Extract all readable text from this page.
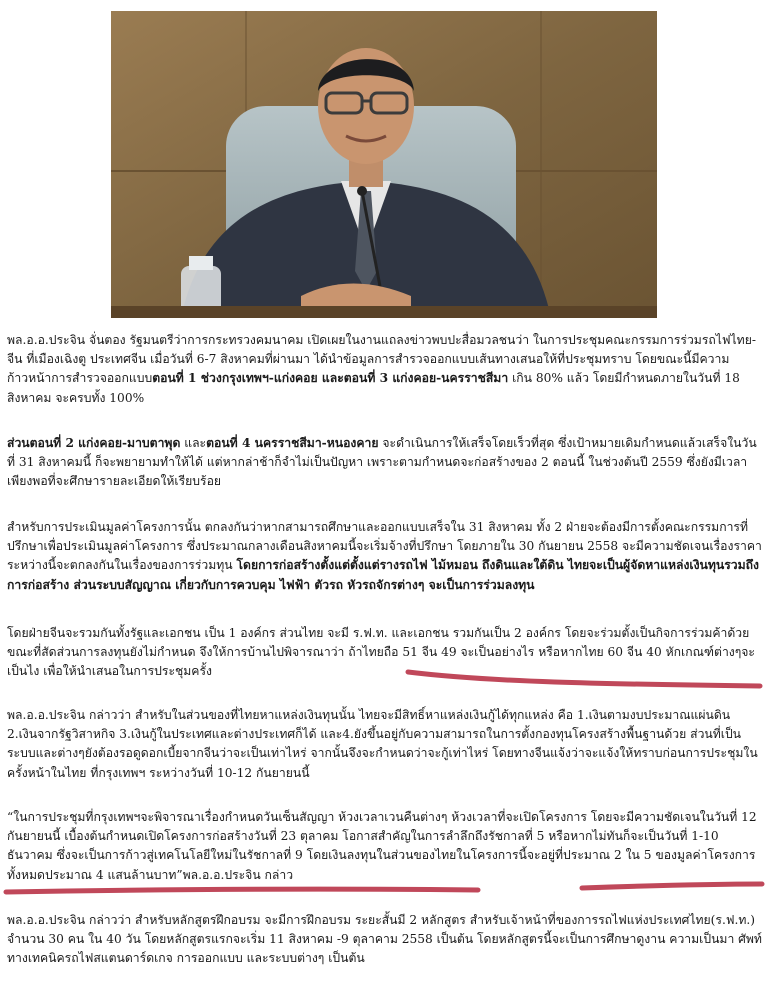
พล.อ.อ.ประจิน จั่นตอง รัฐมนตรีว่าการกระทรวงคมนาคม เปิดเผยในงานแถลงข่าวพบปะสื่อมวลชนว่า ในการประชุมคณะกรรมการร่วมรถไฟไทย-จีน ที่เมืองเฉิงตู ประเทศจีน เมื่อวันที่ 6-7 สิงหาคมที่ผ่านมา ได้นำข้อมูลการสำรวจออกแบบเส้นทางเสนอให้ที่ประชุมทราบ โดยขณะนี้มีความก้าวหน้าการสำรวจออกแบบตอนที่ 1 ช่วงกรุงเทพฯ-แก่งคอย และตอนที่ 3 แก่งคอย-นครราชสีมา เกิน 80% แล้ว โดยมีกำหนดภายในวันที่ 18 สิงหาคม จะครบทั้ง 100%

ส่วนตอนที่ 2 แก่งคอย-มาบตาพุด และตอนที่ 4 นครราชสีมา-หนองคาย จะดำเนินการให้เสร็จโดยเร็วที่สุด ซึ่งเป้าหมายเดิมกำหนดแล้วเสร็จในวันที่ 31 สิงหาคมนี้ ก็จะพยายามทำให้ได้ แต่หากล่าช้าก็จำไม่เป็นปัญหา เพราะตามกำหนดจะก่อสร้างของ 2 ตอนนี้ ในช่วงต้นปี 2559 ซึ่งยังมีเวลาเพียงพอที่จะศึกษารายละเอียดให้เรียบร้อย

สำหรับการประเมินมูลค่าโครงการนั้น ตกลงกันว่าหากสามารถศึกษาและออกแบบเสร็จใน 31 สิงหาคม ทั้ง 2 ฝ่ายจะต้องมีการตั้งคณะกรรมการที่ปรึกษาเพื่อประเมินมูลค่าโครงการ ซึ่งประมาณกลางเดือนสิงหาคมนี้จะเริ่มจ้างที่ปรึกษา โดยภายใน 30 กันยายน 2558 จะมีความชัดเจนเรื่องราคา ระหว่างนี้จะตกลงกันในเรื่องของการร่วมทุน โดยการก่อสร้างตั้งแต่ตั้งแต่รางรถไฟ ไม้หมอน ถึงดินและใต้ดิน ไทยจะเป็นผู้จัดหาแหล่งเงินทุนรวมถึงการก่อสร้าง ส่วนระบบสัญญาณ เกี่ยวกับการควบคุม ไฟฟ้า ตัวรถ หัวรถจักรต่างๆ จะเป็นการร่วมลงทุน

โดยฝ่ายจีนจะรวมกันทั้งรัฐและเอกชน เป็น 1 องค์กร ส่วนไทย จะมี ร.ฟ.ท. และเอกชน รวมกันเป็น 2 องค์กร โดยจะร่วมตั้งเป็นกิจการร่วมค้าด้วย ขณะที่สัดส่วนการลงทุนยังไม่กำหนด จึงให้การบ้านไปพิจารณาว่า ถ้าไทยถือ 51 จีน 49 จะเป็นอย่างไร หรือหากไทย 60 จีน 40 หักเกณฑ์ต่างๆจะเป็นไง เพื่อให้นำเสนอในการประชุมครั้ง

พล.อ.อ.ประจิน กล่าวว่า สำหรับในส่วนของที่ไทยหาแหล่งเงินทุนนั้น ไทยจะมีสิทธิ์หาแหล่งเงินกู้ได้ทุกแหล่ง คือ 1.เงินตามงบประมาณแผ่นดิน 2.เงินจากรัฐวิสาหกิจ 3.เงินกู้ในประเทศและต่างประเทศก็ได้ และ4.ยังขึ้นอยู่กับความสามารถในการตั้งกองทุนโครงสร้างพื้นฐานด้วย ส่วนที่เป็นระบบและต่างๆยังต้องรอดูดอกเบี้ยจากจีนว่าจะเป็นเท่าไหร่ จากนั้นจึงจะกำหนดว่าจะกู้เท่าไหร่ โดยทางจีนแจ้งว่าจะแจ้งให้ทราบก่อนการประชุมในครั้งหน้าในไทย ที่กรุงเทพฯ ระหว่างวันที่ 10-12 กันยายนนี้

“ในการประชุมที่กรุงเทพฯจะพิจารณาเรื่องกำหนดวันเซ็นสัญญา ห้วงเวลาเวนคืนต่างๆ ห้วงเวลาที่จะเปิดโครงการ โดยจะมีความชัดเจนในวันที่ 12 กันยายนนี้ เบื้องต้นกำหนดเปิดโครงการก่อสร้างวันที่ 23 ตุลาคม โอกาสสำคัญในการลำลึกถึงรัชกาลที่ 5 หรือหากไม่ทันก็จะเป็นวันที่ 1-10 ธันวาคม ซึ่งจะเป็นการก้าวสู่เทคโนโลยีใหม่ในรัชกาลที่ 9 โดยเงินลงทุนในส่วนของไทยในโครงการนี้จะอยู่ที่ประมาณ 2 ใน 5 ของมูลค่าโครงการทั้งหมดประมาณ 4 แสนล้านบาท”พล.อ.อ.ประจิน กล่าว

พล.อ.อ.ประจิน กล่าวว่า สำหรับหลักสูตรฝึกอบรม จะมีการฝึกอบรม ระยะสั้นมี 2 หลักสูตร สำหรับเจ้าหน้าที่ของการรถไฟแห่งประเทศไทย(ร.ฟ.ท.) จำนวน 30 คน ใน 40 วัน โดยหลักสูตรแรกจะเริ่ม 11 สิงหาคม -9 ตุลาคาม 2558 เป็นต้น โดยหลักสูตรนี้จะเป็นการศึกษาดูงาน ความเป็นมา ศัพท์ทางเทคนิครถไฟสแตนดาร์ดเกจ การออกแบบ และระบบต่างๆ เป็นต้น
